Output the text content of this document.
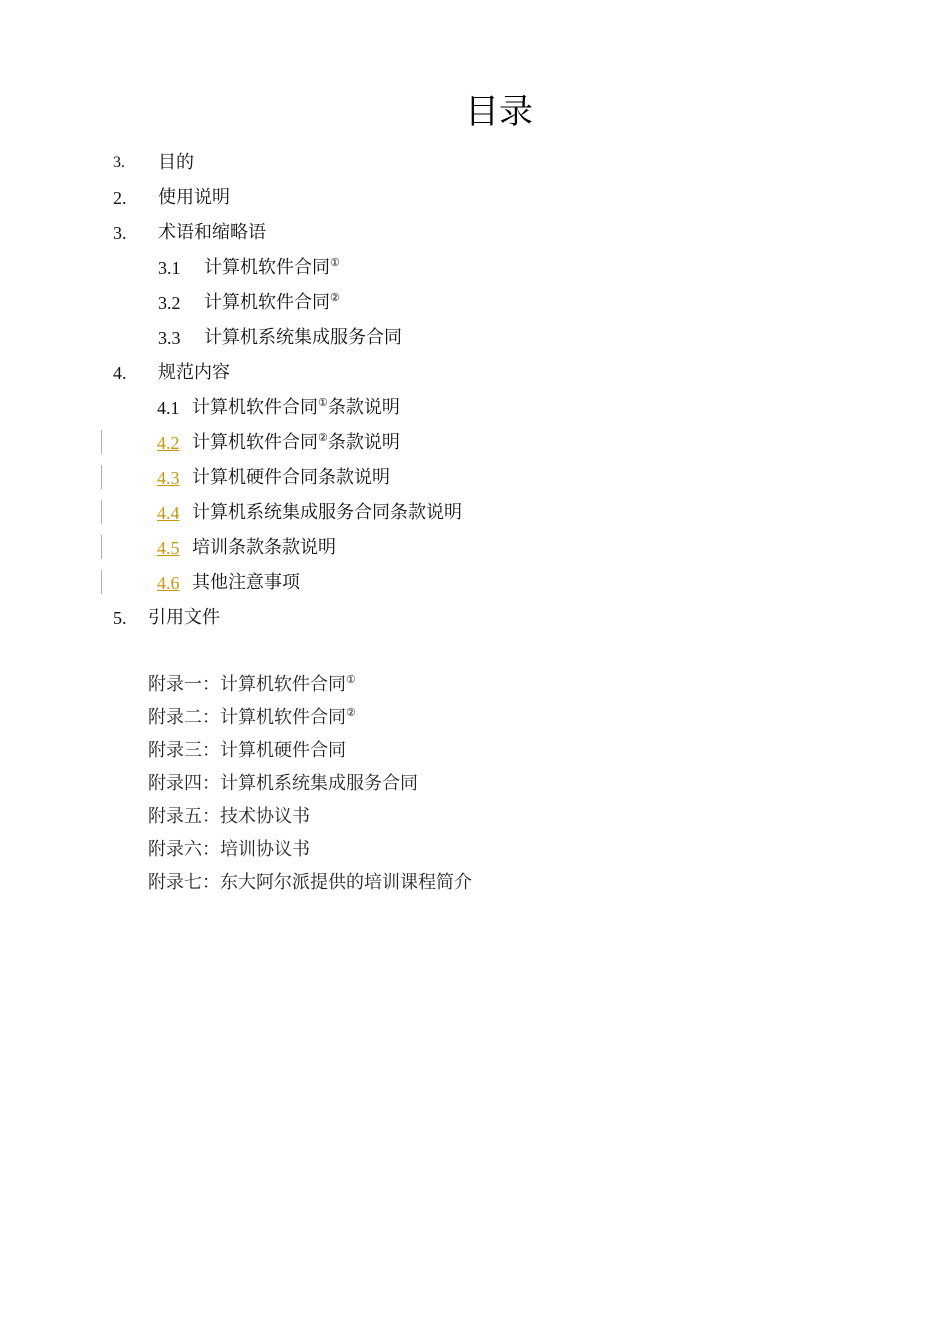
目录
3. 目的
2. 使用说明
3. 术语和缩略语
3.1 计算机软件合同①
3.2 计算机软件合同②
3.3 计算机系统集成服务合同
4. 规范内容
4.1 计算机软件合同①条款说明
4.2 计算机软件合同②条款说明
4.3 计算机硬件合同条款说明
4.4 计算机系统集成服务合同条款说明
4.5 培训条款条款说明
4.6 其他注意事项
5. 引用文件
附录一：计算机软件合同①
附录二：计算机软件合同②
附录三：计算机硬件合同
附录四：计算机系统集成服务合同
附录五：技术协议书
附录六：培训协议书
附录七：东大阿尔派提供的培训课程简介
